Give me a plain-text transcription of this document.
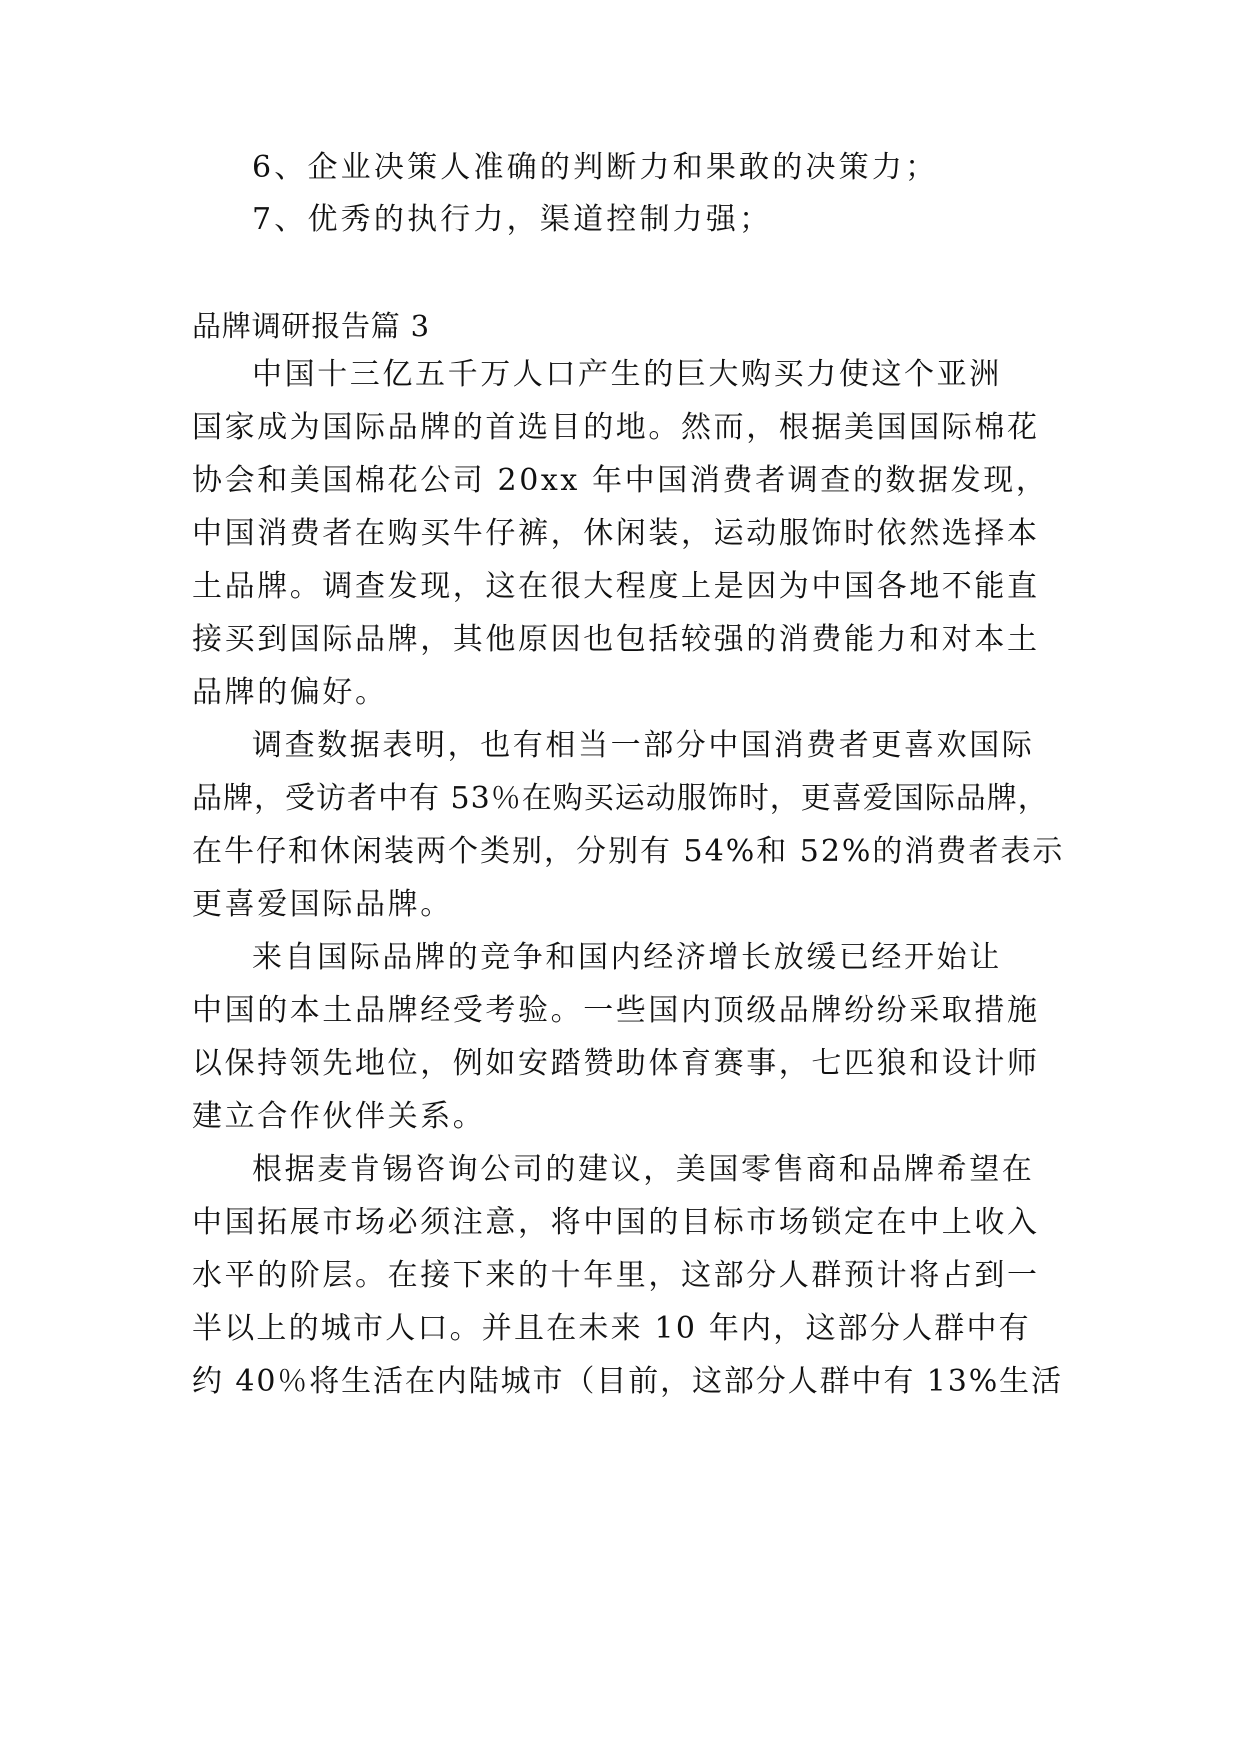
6、企业决策人准确的判断力和果敢的决策力；
7、优秀的执行力，渠道控制力强；
品牌调研报告篇 3
中国十三亿五千万人口产生的巨大购买力使这个亚洲
国家成为国际品牌的首选目的地。然而，根据美国国际棉花
协会和美国棉花公司 20xx 年中国消费者调查的数据发现，
中国消费者在购买牛仔裤，休闲装，运动服饰时依然选择本
土品牌。调查发现，这在很大程度上是因为中国各地不能直
接买到国际品牌，其他原因也包括较强的消费能力和对本土
品牌的偏好。
调查数据表明，也有相当一部分中国消费者更喜欢国际
品牌，受访者中有 53％在购买运动服饰时，更喜爱国际品牌，
在牛仔和休闲装两个类别，分别有 54%和 52%的消费者表示
更喜爱国际品牌。
来自国际品牌的竞争和国内经济增长放缓已经开始让
中国的本土品牌经受考验。一些国内顶级品牌纷纷采取措施
以保持领先地位，例如安踏赞助体育赛事，七匹狼和设计师
建立合作伙伴关系。
根据麦肯锡咨询公司的建议，美国零售商和品牌希望在
中国拓展市场必须注意，将中国的目标市场锁定在中上收入
水平的阶层。在接下来的十年里，这部分人群预计将占到一
半以上的城市人口。并且在未来 10 年内，这部分人群中有
约 40％将生活在内陆城市（目前，这部分人群中有 13%生活
